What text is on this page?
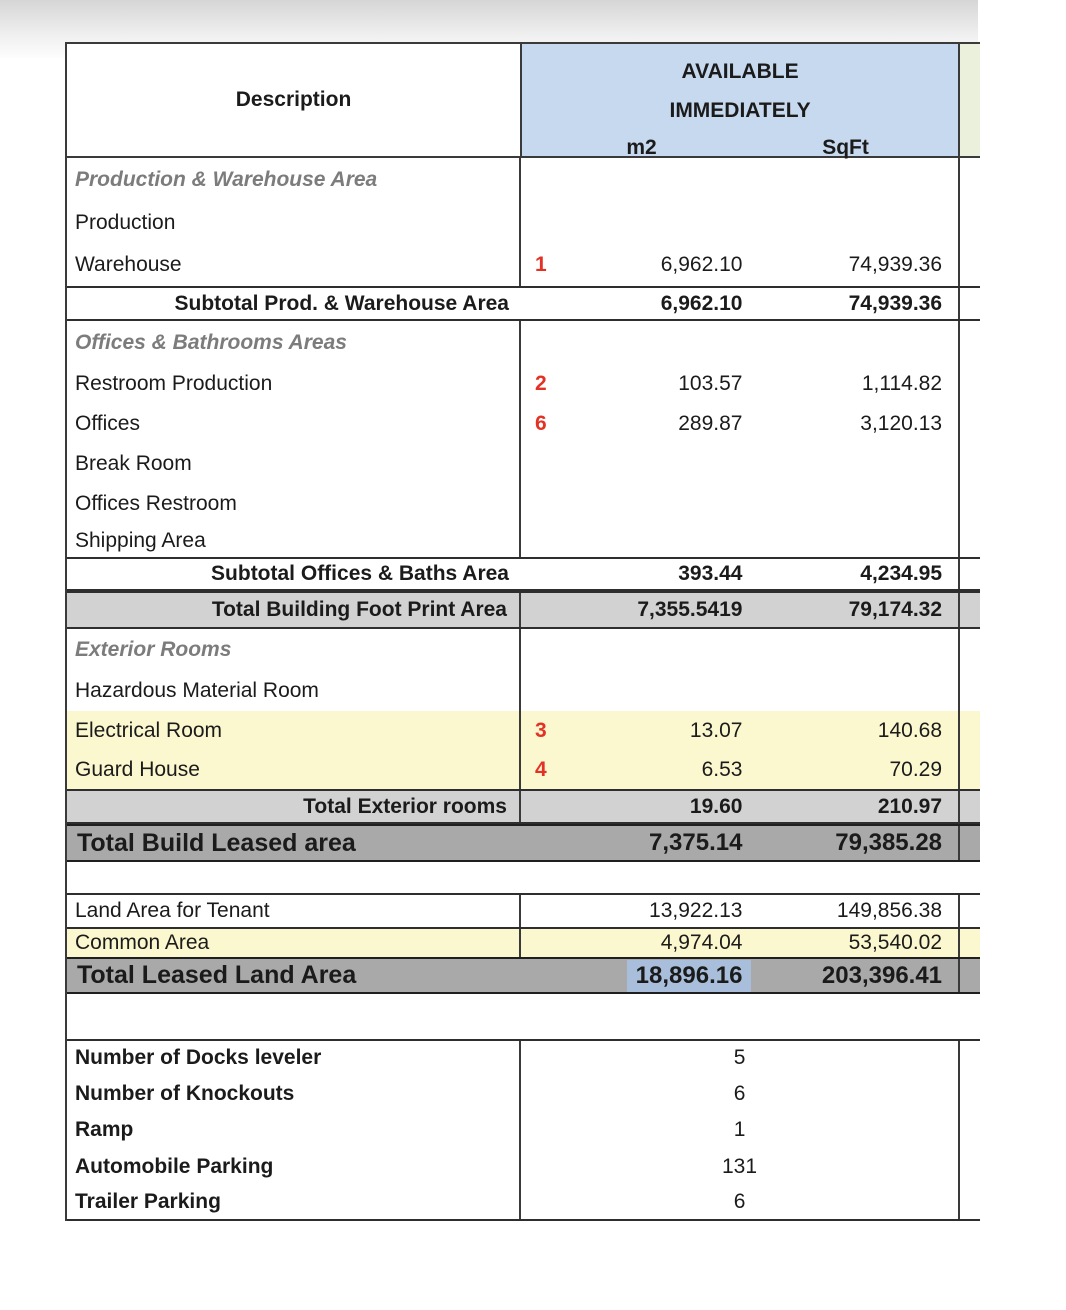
Description
AVAILABLE
IMMEDIATELY
m2	SqFt
Production & Warehouse Area
Production
Warehouse	1	6,962.10	74,939.36
Subtotal Prod. & Warehouse Area	6,962.10	74,939.36
Offices & Bathrooms Areas
Restroom Production	2	103.57	1,114.82
Offices	6	289.87	3,120.13
Break Room
Offices Restroom
Shipping Area
Subtotal Offices & Baths Area	393.44	4,234.95
Total Building Foot Print Area	7,355.5419	79,174.32
Exterior Rooms
Hazardous Material Room
Electrical Room	3	13.07	140.68
Guard House	4	6.53	70.29
Total Exterior rooms	19.60	210.97
Total Build Leased area	7,375.14	79,385.28
Land Area for Tenant	13,922.13	149,856.38
Common Area	4,974.04	53,540.02
Total Leased Land Area	18,896.16	203,396.41
Number of Docks leveler	5
Number of Knockouts	6
Ramp	1
Automobile Parking	131
Trailer Parking	6
